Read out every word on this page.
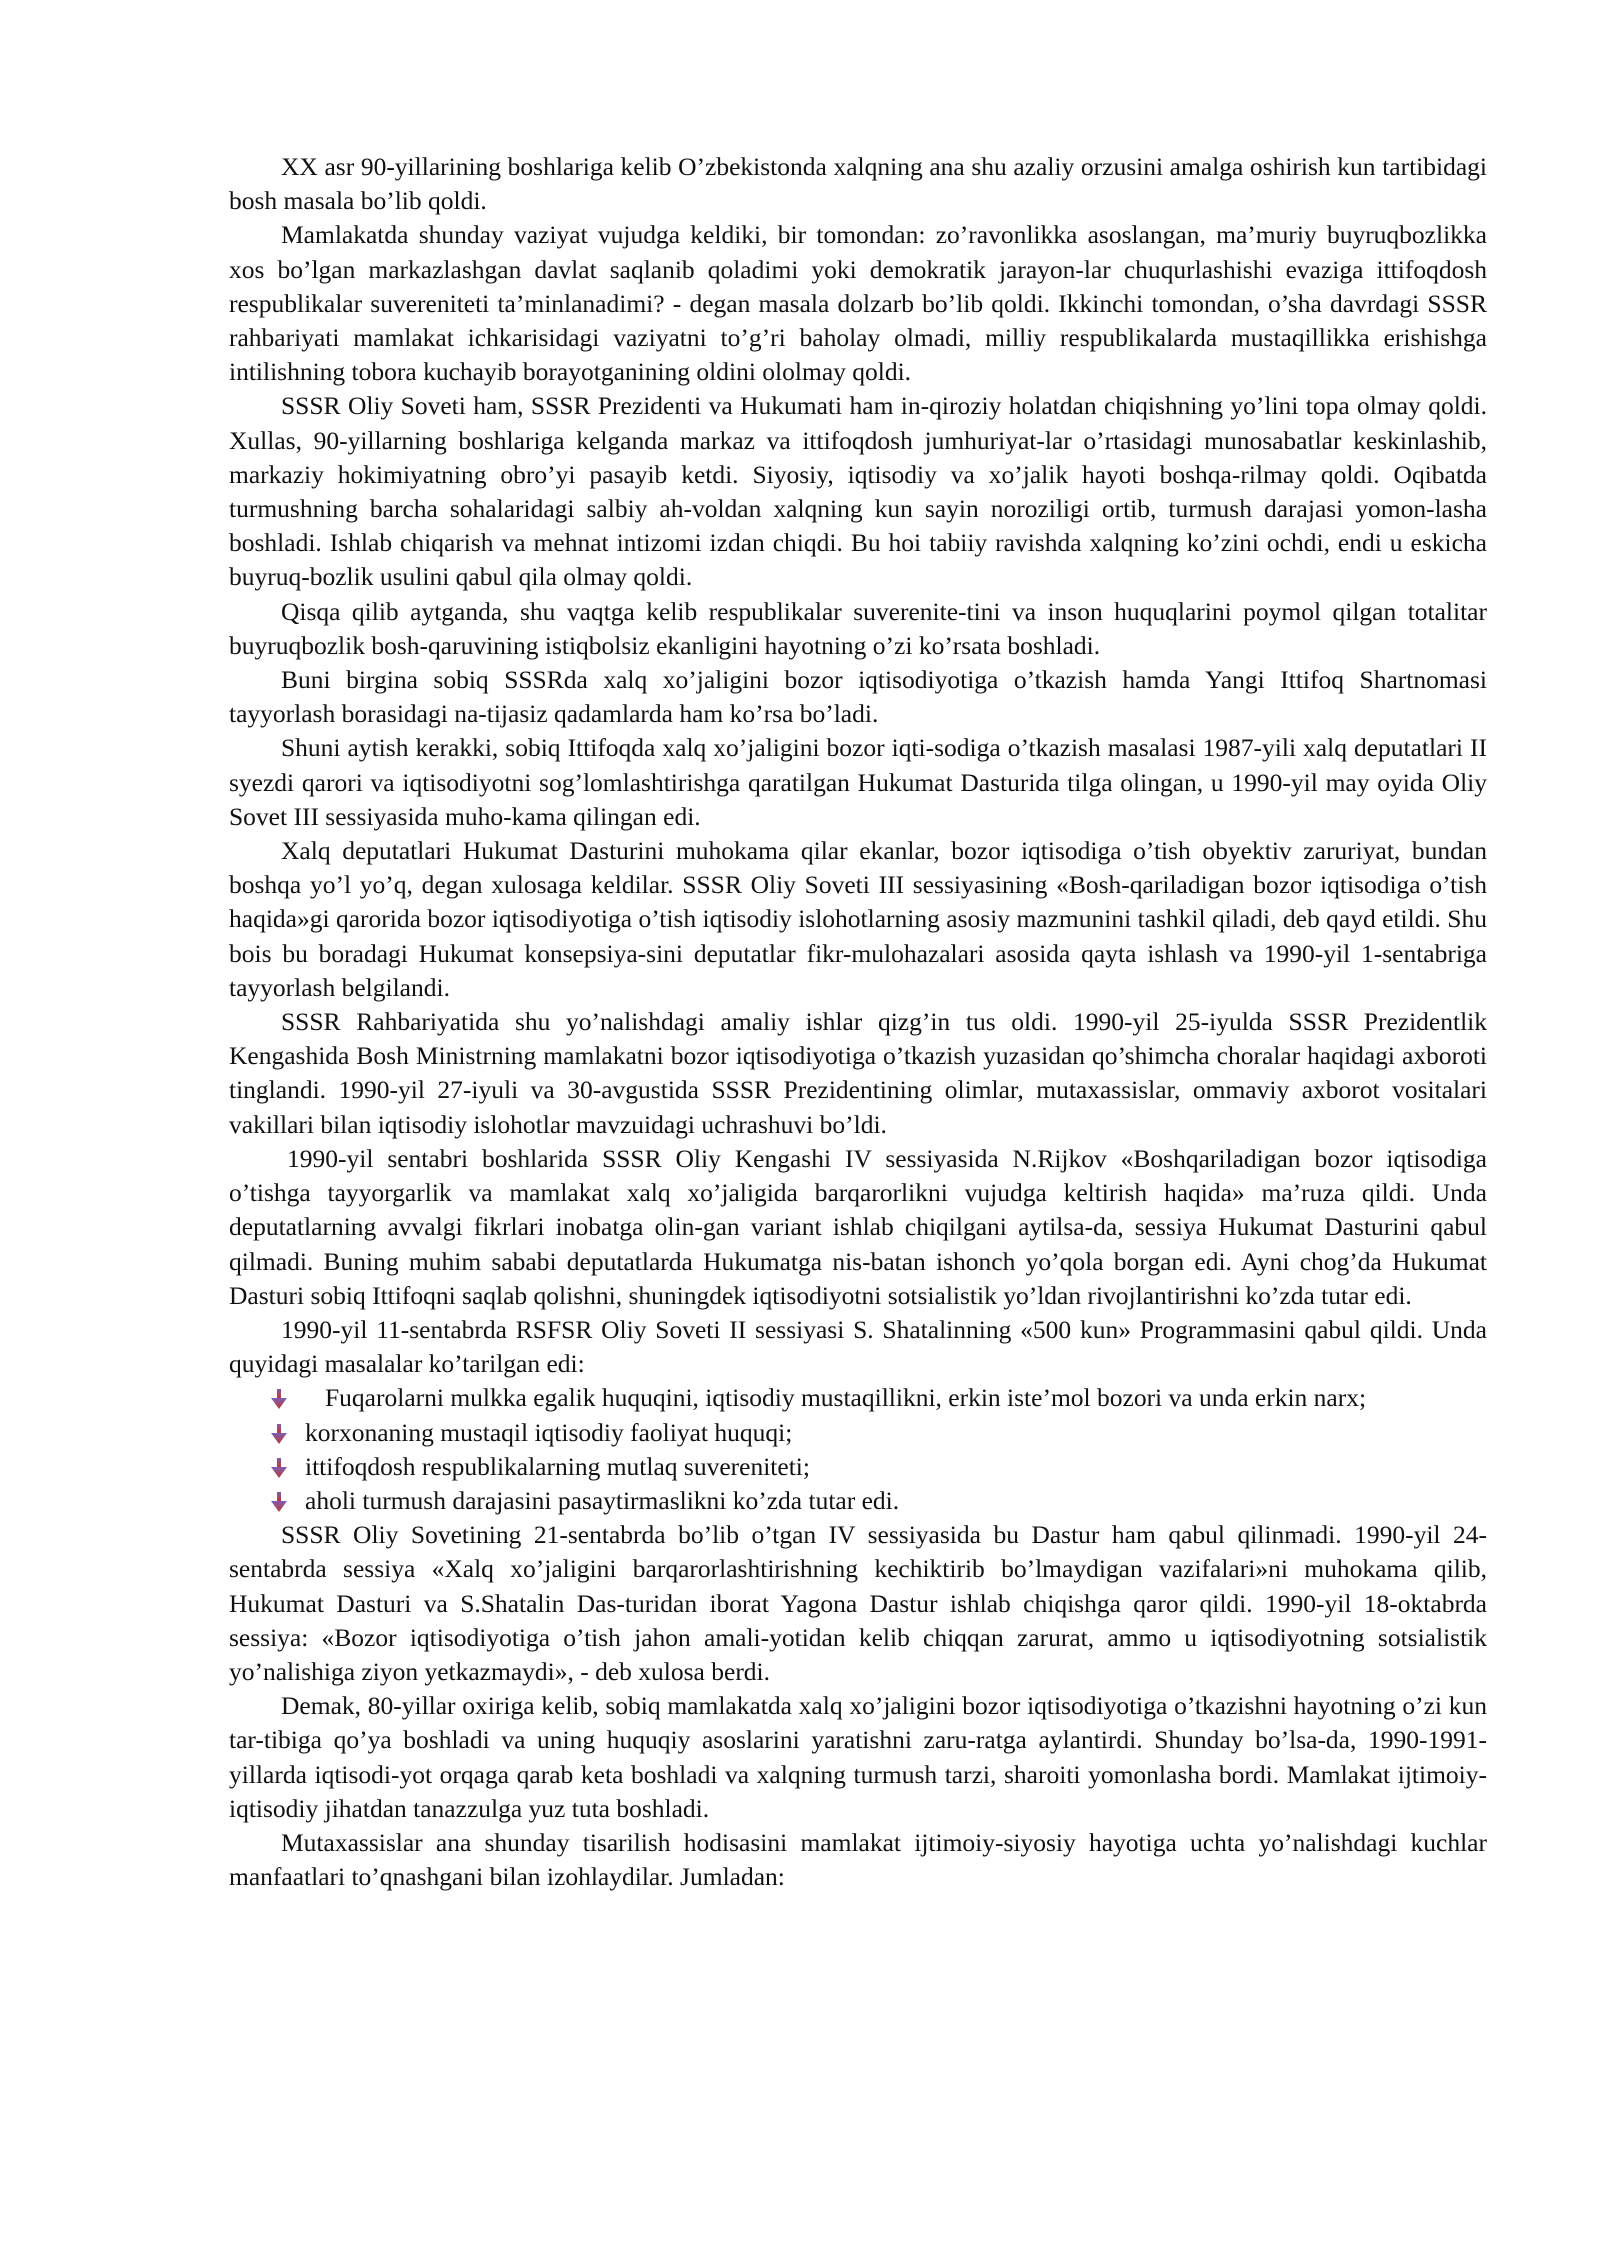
XX asr 90-yillarining boshlariga kelib O’zbekistonda xalqning ana shu azaliy orzusini amalga oshirish kun tartibidagi bosh masala bo’lib qoldi.

Mamlakatda shunday vaziyat vujudga keldiki, bir tomondan: zo’ravonlikka asoslangan, ma’muriy buyruqbozlikka xos bo’lgan markazlashgan davlat saqlanib qoladimi yoki demokratik jarayon-lar chuqurlashishi evaziga ittifoqdosh respublikalar suvereniteti ta’minlanadimi? - degan masala dolzarb bo’lib qoldi. Ikkinchi tomondan, o’sha davrdagi SSSR rahbariyati mamlakat ichkarisidagi vaziyatni to’g’ri baholay olmadi, milliy respublikalarda mustaqillikka erishishga intilishning tobora kuchayib borayotganining oldini ololmay qoldi.

SSSR Oliy Soveti ham, SSSR Prezidenti va Hukumati ham in-qiroziy holatdan chiqishning yo’lini topa olmay qoldi. Xullas, 90-yillarning boshlariga kelganda markaz va ittifoqdosh jumhuriyat-lar o’rtasidagi munosabatlar keskinlashib, markaziy hokimiyatning obro’yi pasayib ketdi. Siyosiy, iqtisodiy va xo’jalik hayoti boshqa-rilmay qoldi. Oqibatda turmushning barcha sohalaridagi salbiy ah-voldan xalqning kun sayin noroziligi ortib, turmush darajasi yomon-lasha boshladi. Ishlab chiqarish va mehnat intizomi izdan chiqdi. Bu hoi tabiiy ravishda xalqning ko’zini ochdi, endi u eskicha buyruq-bozlik usulini qabul qila olmay qoldi.

Qisqa qilib aytganda, shu vaqtga kelib respublikalar suverenite-tini va inson huquqlarini poymol qilgan totalitar buyruqbozlik bosh-qaruvining istiqbolsiz ekanligini hayotning o’zi ko’rsata boshladi.

Buni birgina sobiq SSSRda xalq xo’jaligini bozor iqtisodiyotiga o’tkazish hamda Yangi Ittifoq Shartnomasi tayyorlash borasidagi na-tijasiz qadamlarda ham ko’rsa bo’ladi.

Shuni aytish kerakki, sobiq Ittifoqda xalq xo’jaligini bozor iqti-sodiga o’tkazish masalasi 1987-yili xalq deputatlari II syezdi qarori va iqtisodiyotni sog’lomlashtirishga qaratilgan Hukumat Dasturida tilga olingan, u 1990-yil may oyida Oliy Sovet III sessiyasida muho-kama qilingan edi.

Xalq deputatlari Hukumat Dasturini muhokama qilar ekanlar, bozor iqtisodiga o’tish obyektiv zaruriyat, bundan boshqa yo’l yo’q, degan xulosaga keldilar. SSSR Oliy Soveti III sessiyasining «Bosh-qariladigan bozor iqtisodiga o’tish haqida»gi qarorida bozor iqtisodiyotiga o’tish iqtisodiy islohotlarning asosiy mazmunini tashkil qiladi, deb qayd etildi. Shu bois bu boradagi Hukumat konsepsiya-sini deputatlar fikr-mulohazalari asosida qayta ishlash va 1990-yil 1-sentabriga tayyorlash belgilandi.

SSSR Rahbariyatida shu yo’nalishdagi amaliy ishlar qizg’in tus oldi. 1990-yil 25-iyulda SSSR Prezidentlik Kengashida Bosh Ministrning mamlakatni bozor iqtisodiyotiga o’tkazish yuzasidan qo’shimcha choralar haqidagi axboroti tinglandi. 1990-yil 27-iyuli va 30-avgustida SSSR Prezidentining olimlar, mutaxassislar, ommaviy axborot vositalari vakillari bilan iqtisodiy islohotlar mavzuidagi uchrashuvi bo’ldi.

1990-yil sentabri boshlarida SSSR Oliy Kengashi IV sessiyasida N.Rijkov «Boshqariladigan bozor iqtisodiga o’tishga tayyorgarlik va mamlakat xalq xo’jaligida barqarorlikni vujudga keltirish haqida» ma’ruza qildi. Unda deputatlarning avvalgi fikrlari inobatga olin-gan variant ishlab chiqilgani aytilsa-da, sessiya Hukumat Dasturini qabul qilmadi. Buning muhim sababi deputatlarda Hukumatga nis-batan ishonch yo’qola borgan edi. Ayni chog’da Hukumat Dasturi sobiq Ittifoqni saqlab qolishni, shuningdek iqtisodiyotni sotsialistik yo’ldan rivojlantirishni ko’zda tutar edi.

1990-yil 11-sentabrda RSFSR Oliy Soveti II sessiyasi S. Shatalinning «500 kun» Programmasini qabul qildi. Unda quyidagi masalalar ko’tarilgan edi:

Fuqarolarni mulkka egalik huquqini, iqtisodiy mustaqillikni, erkin iste’mol bozori va unda erkin narx;
korxonaning mustaqil iqtisodiy faoliyat huquqi;
ittifoqdosh respublikalarning mutlaq suvereniteti;
aholi turmush darajasini pasaytirmaslikni ko’zda tutar edi.

SSSR Oliy Sovetining 21-sentabrda bo’lib o’tgan IV sessiyasida bu Dastur ham qabul qilinmadi. 1990-yil 24-sentabrda sessiya «Xalq xo’jaligini barqarorlashtirishning kechiktirib bo’lmaydigan vazifalari»ni muhokama qilib, Hukumat Dasturi va S.Shatalin Das-turidan iborat Yagona Dastur ishlab chiqishga qaror qildi. 1990-yil 18-oktabrda sessiya: «Bozor iqtisodiyotiga o’tish jahon amali-yotidan kelib chiqqan zarurat, ammo u iqtisodiyotning sotsialistik yo’nalishiga ziyon yetkazmaydi», - deb xulosa berdi.

Demak, 80-yillar oxiriga kelib, sobiq mamlakatda xalq xo’jaligini bozor iqtisodiyotiga o’tkazishni hayotning o’zi kun tar-tibiga qo’ya boshladi va uning huquqiy asoslarini yaratishni zaru-ratga aylantirdi. Shunday bo’lsa-da, 1990-1991-yillarda iqtisodi-yot orqaga qarab keta boshladi va xalqning turmush tarzi, sharoiti yomonlasha bordi. Mamlakat ijtimoiy-iqtisodiy jihatdan tanazzulga yuz tuta boshladi.

Mutaxassislar ana shunday tisarilish hodisasini mamlakat ijtimoiy-siyosiy hayotiga uchta yo’nalishdagi kuchlar manfaatlari to’qnashgani bilan izohlaydilar. Jumladan:
